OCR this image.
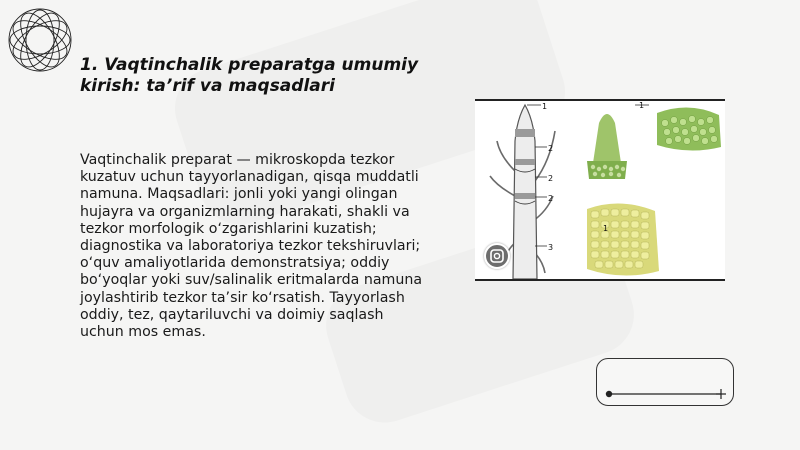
1. Vaqtinchalik preparatga umumiy kirish: ta’rif va maqsadlari

Vaqtinchalik preparat — mikroskopda tezkor kuzatuv uchun tayyorlanadigan, qisqa muddatli namuna. Maqsadlari: jonli yoki yangi olingan hujayra va organizmlarning harakati, shakli va tezkor morfologik o‘zgarishlarini kuzatish; diagnostika va laboratoriya tezkor tekshiruvlari; o‘quv amaliyotlarida demonstratsiya; oddiy bo‘yoqlar yoki suv/salinalik eritmalarda namuna joylashtirib tezkor ta’sir ko‘rsatish. Tayyorlash oddiy, tez, qaytariluvchi va doimiy saqlash uchun mos emas.

1
2
2
2
3
1
1
